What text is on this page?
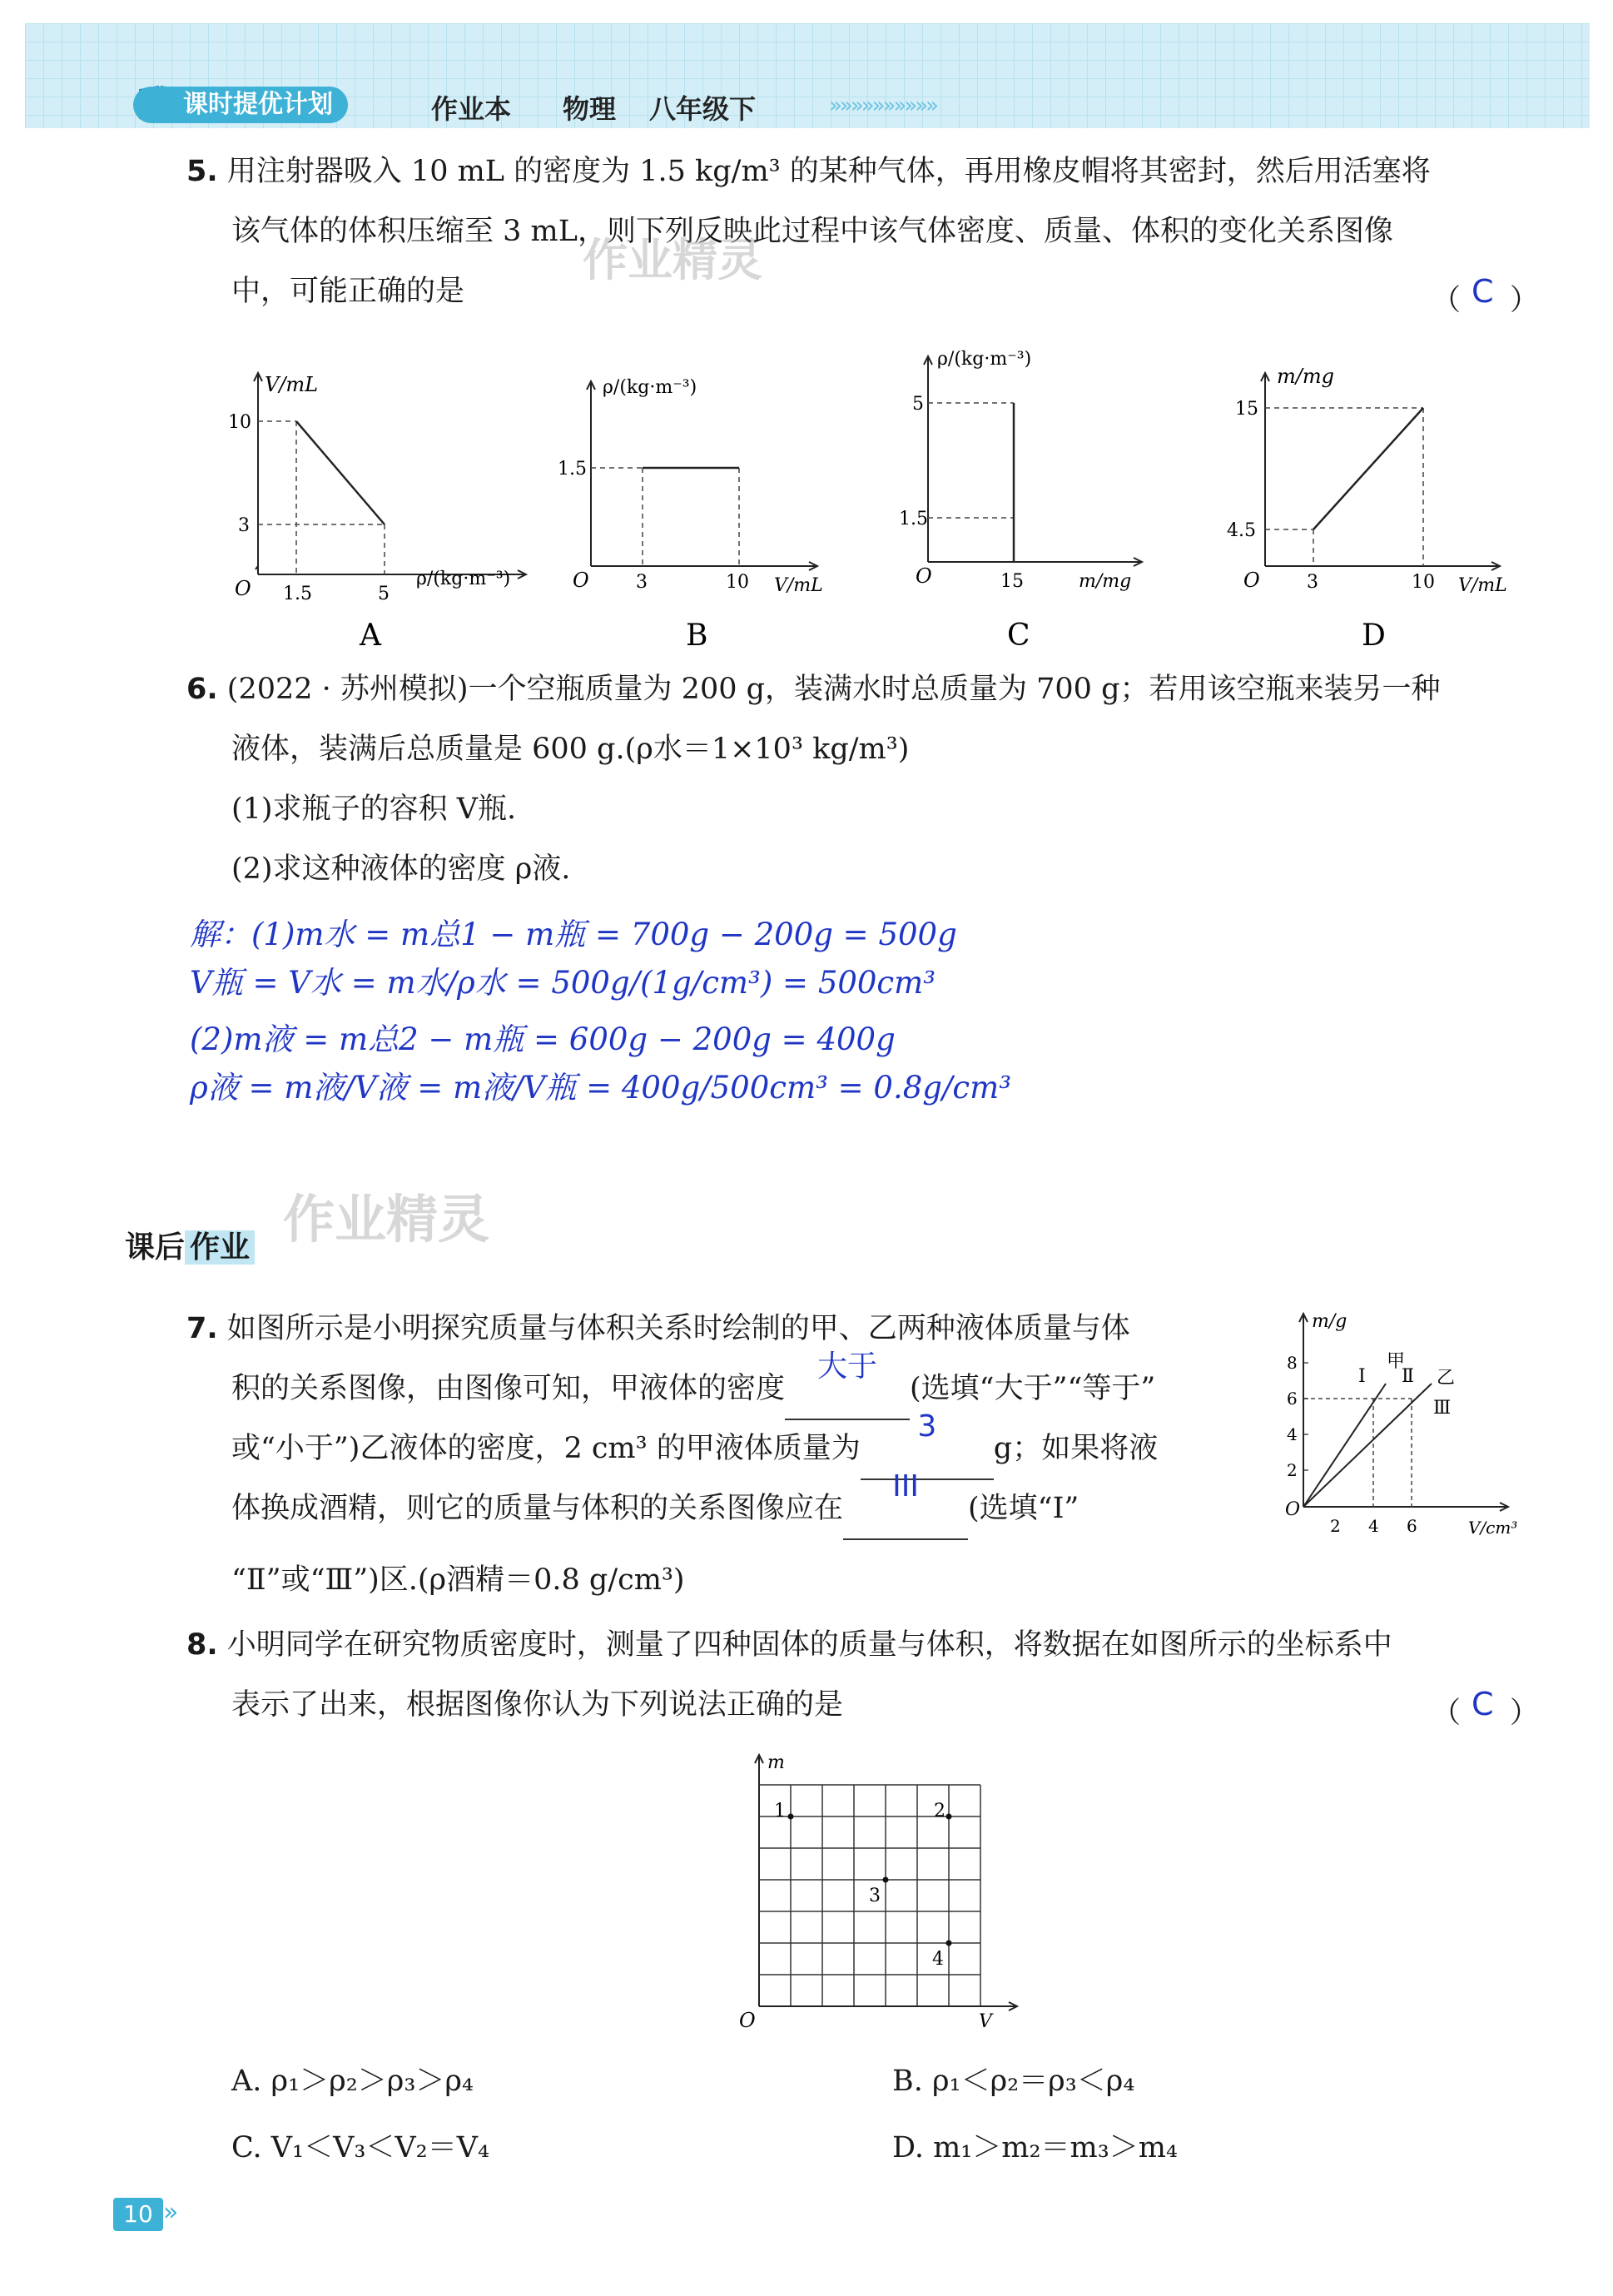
课时提优计划	作业本 物理 八年级下	»»»»»»»»»»
5. 用注射器吸入 10 mL 的密度为 1.5 kg/m³ 的某种气体，再用橡皮帽将其密封，然后用活塞将
该气体的体积压缩至 3 mL，则下列反映此过程中该气体密度、质量、体积的变化关系图像
中，可能正确的是	（ C ）
作业精灵
V/mL
ρ/(kg·m⁻³)
O 1.5	5
10
3
A
ρ/(kg·m⁻³)
V/mL
O	3	10
1.5
B
ρ/(kg·m⁻³)
m/mg
O	15
5
1.5
C
m/mg
V/mL
O	3	10
15
4.5
D
6. (2022 · 苏州模拟)一个空瓶质量为 200 g，装满水时总质量为 700 g；若用该空瓶来装另一种
液体，装满后总质量是 600 g.(ρ水＝1×10³ kg/m³)
(1)求瓶子的容积 V瓶.
(2)求这种液体的密度 ρ液.
解：(1)m水 = m总1 − m瓶 = 700g − 200g = 500g
V瓶 = V水 = m水/ρ水 = 500g/(1g/cm³) = 500cm³
(2)m液 = m总2 − m瓶 = 600g − 200g = 400g
ρ液 = m液/V液 = m液/V瓶 = 400g/500cm³ = 0.8g/cm³
作业精灵
课后 作业
7. 如图所示是小明探究质量与体积关系时绘制的甲、乙两种液体质量与体
积的关系图像，由图像可知，甲液体的密度
大于
(选填“大于”“等于”
或“小于”)乙液体的密度，2 cm³ 的甲液体质量为
3
g；如果将液
体换成酒精，则它的质量与体积的关系图像应在
III
(选填“Ⅰ”
“Ⅱ”或“Ⅲ”)区.(ρ酒精＝0.8 g/cm³)
m/g
V/cm³
O
2 4 6
2
4
6
8	甲
乙
Ⅰ Ⅱ
Ⅲ
8. 小明同学在研究物质密度时，测量了四种固体的质量与体积，将数据在如图所示的坐标系中
表示了出来，根据图像你认为下列说法正确的是	（ C ）
1	2
3
4
m
V
O
A. ρ₁＞ρ₂＞ρ₃＞ρ₄	B. ρ₁＜ρ₂＝ρ₃＜ρ₄
C. V₁＜V₃＜V₂＝V₄	D. m₁＞m₂＝m₃＞m₄
10 »
